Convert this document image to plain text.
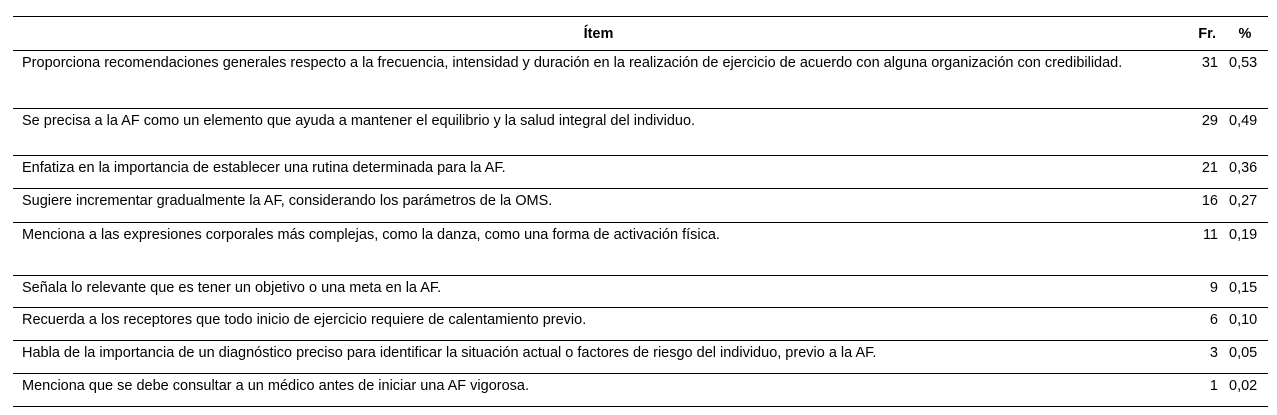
Ítem	Fr.	%
Proporciona recomendaciones generales respecto a la frecuencia, intensidad y duración en la realización de ejercicio de acuerdo con alguna organización con credibilidad.	31	0,53
Se precisa a la AF como un elemento que ayuda a mantener el equilibrio y la salud integral del individuo.	29	0,49
Enfatiza en la importancia de establecer una rutina determinada para la AF.	21	0,36
Sugiere incrementar gradualmente la AF, considerando los parámetros de la OMS.	16	0,27
Menciona a las expresiones corporales más complejas, como la danza, como una forma de activación física.	11	0,19
Señala lo relevante que es tener un objetivo o una meta en la AF.	9	0,15
Recuerda a los receptores que todo inicio de ejercicio requiere de calentamiento previo.	6	0,10
Habla de la importancia de un diagnóstico preciso para identificar la situación actual o factores de riesgo del individuo, previo a la AF.	3	0,05
Menciona que se debe consultar a un médico antes de iniciar una AF vigorosa.	1	0,02
